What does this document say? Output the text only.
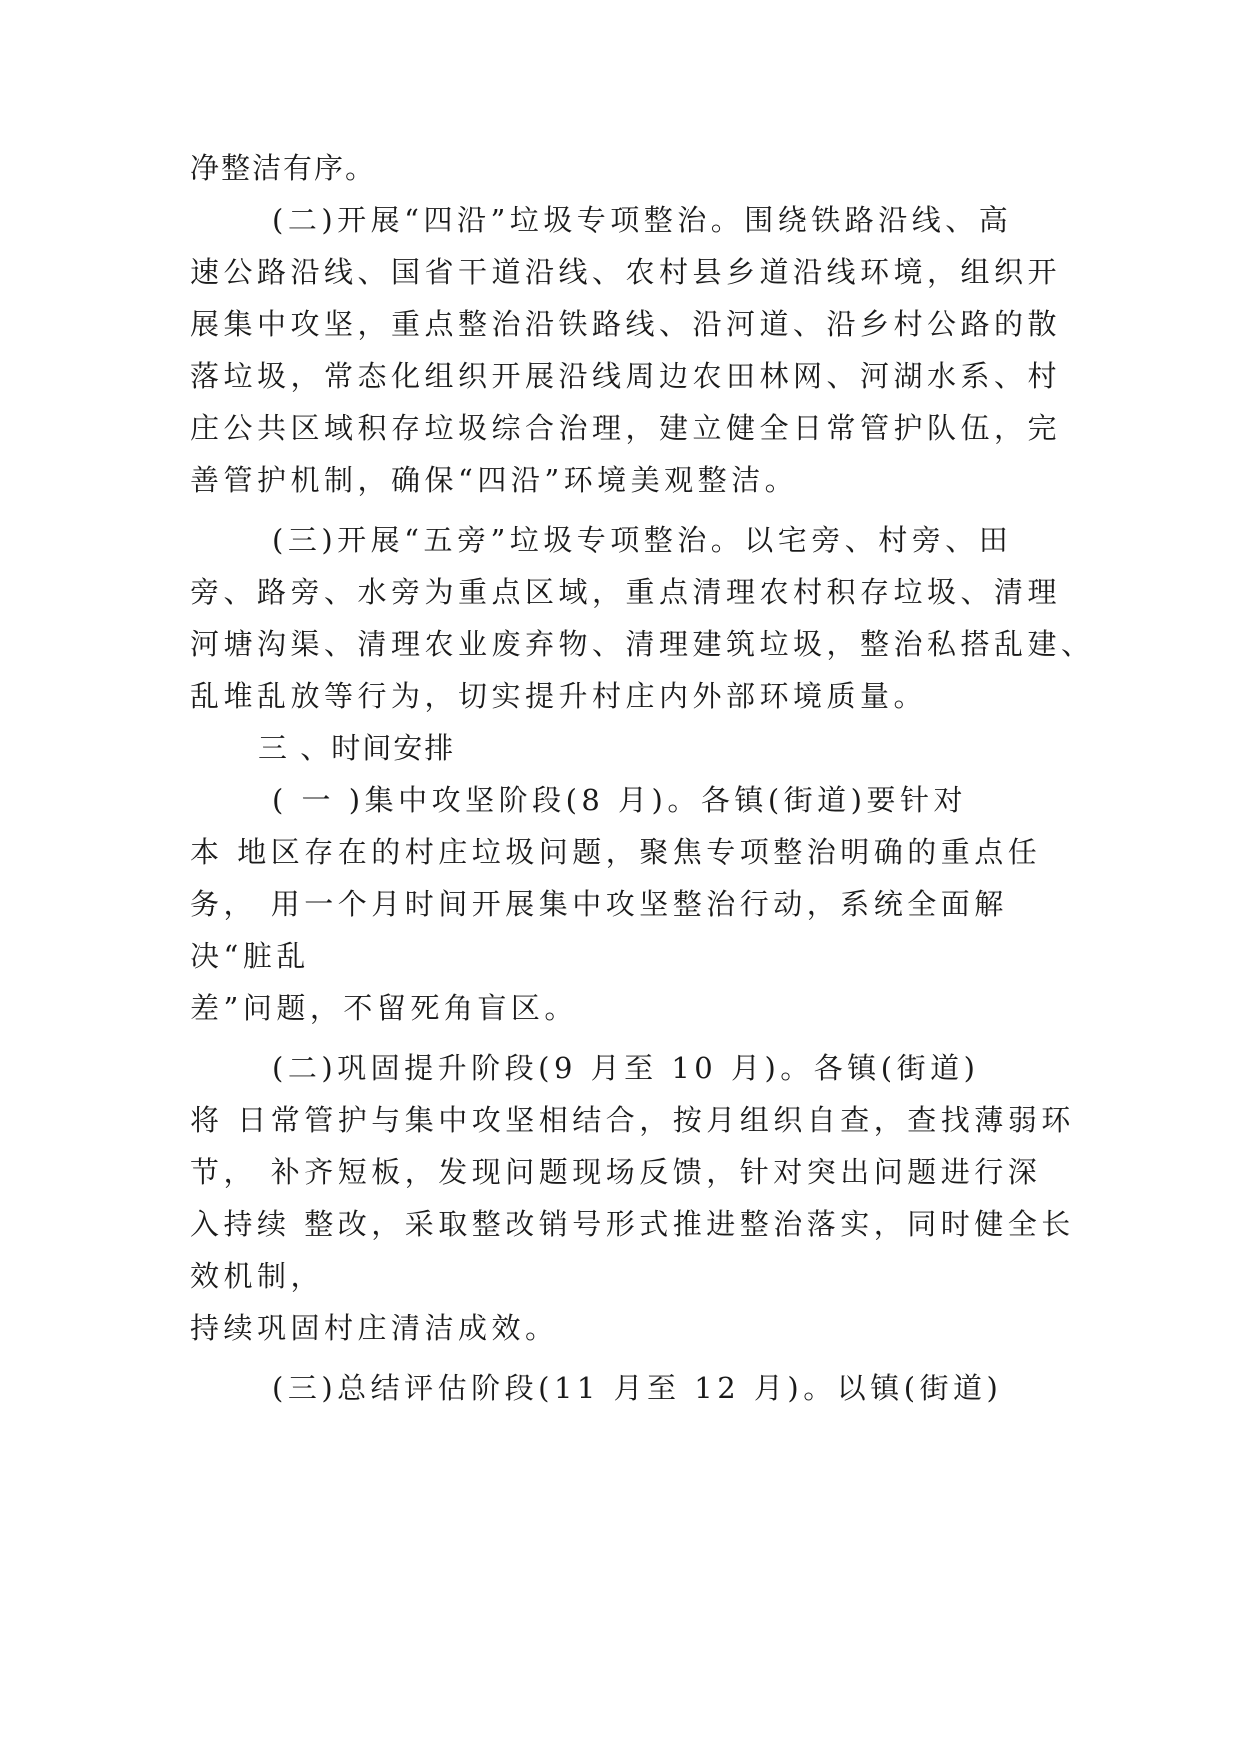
净整洁有序。
(二)开展“四沿”垃圾专项整治。围绕铁路沿线、高
速公路沿线、国省干道沿线、农村县乡道沿线环境，组织开
展集中攻坚，重点整治沿铁路线、沿河道、沿乡村公路的散
落垃圾，常态化组织开展沿线周边农田林网、河湖水系、村
庄公共区域积存垃圾综合治理，建立健全日常管护队伍，完
善管护机制，确保“四沿”环境美观整洁。
(三)开展“五旁”垃圾专项整治。以宅旁、村旁、田
旁、路旁、水旁为重点区域，重点清理农村积存垃圾、清理
河塘沟渠、清理农业废弃物、清理建筑垃圾，整治私搭乱建、
乱堆乱放等行为，切实提升村庄内外部环境质量。
三 、时间安排
( 一 )集中攻坚阶段(8 月)。各镇(街道)要针对
本 地区存在的村庄垃圾问题，聚焦专项整治明确的重点任
务， 用一个月时间开展集中攻坚整治行动，系统全面解
决“脏乱
差”问题，不留死角盲区。
(二)巩固提升阶段(9 月至 10 月)。各镇(街道)
将 日常管护与集中攻坚相结合，按月组织自查，查找薄弱环
节， 补齐短板，发现问题现场反馈，针对突出问题进行深
入持续 整改，采取整改销号形式推进整治落实，同时健全长
效机制，
持续巩固村庄清洁成效。
(三)总结评估阶段(11 月至 12 月)。以镇(街道)
